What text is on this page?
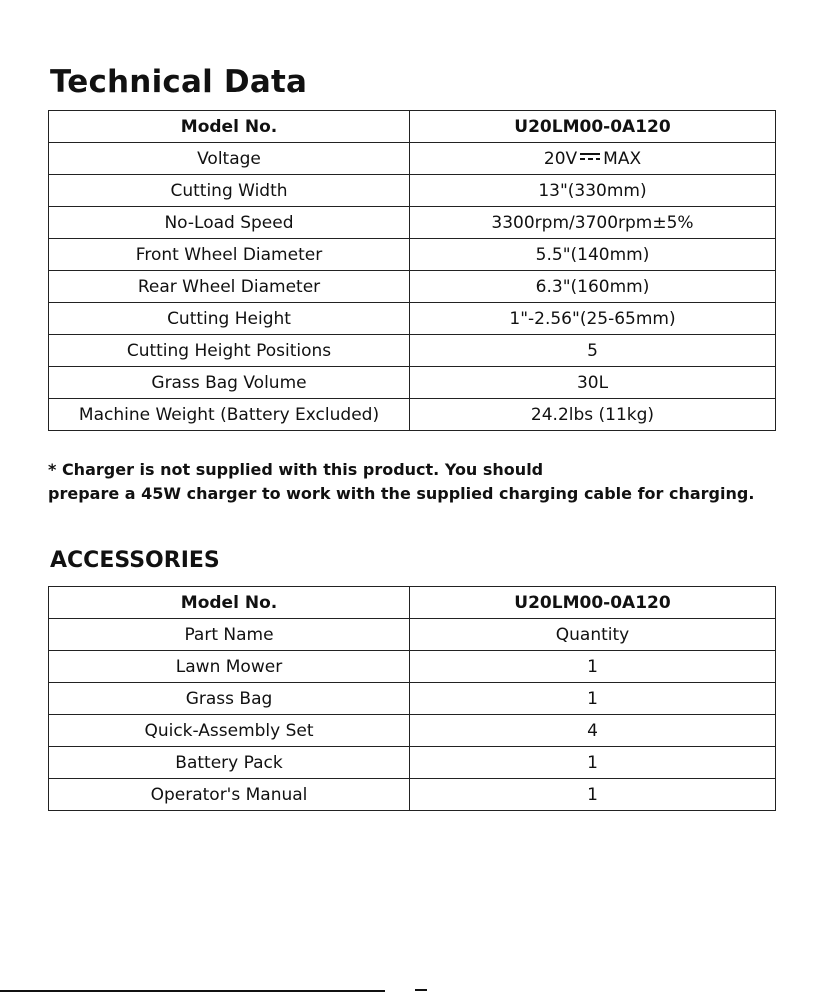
Technical Data
Model No.	U20LM00-0A120
Voltage	20V MAX
Cutting Width	13"(330mm)
No-Load Speed	3300rpm/3700rpm±5%
Front Wheel Diameter	5.5"(140mm)
Rear Wheel Diameter	6.3"(160mm)
Cutting Height	1"-2.56"(25-65mm)
Cutting Height Positions	5
Grass Bag Volume	30L
Machine Weight (Battery Excluded)	24.2lbs (11kg)
* Charger is not supplied with this product. You should
prepare a 45W charger to work with the supplied charging cable for charging.
ACCESSORIES
Model No.	U20LM00-0A120
Part Name	Quantity
Lawn Mower	1
Grass Bag	1
Quick-Assembly Set	4
Battery Pack	1
Operator's Manual	1
